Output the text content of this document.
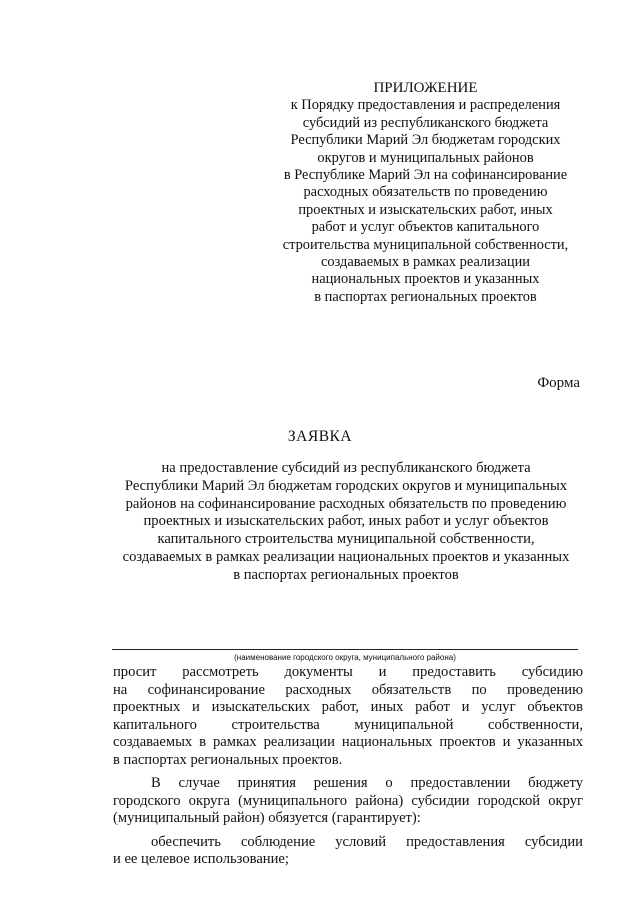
ПРИЛОЖЕНИЕ
к Порядку предоставления и распределения
субсидий из республиканского бюджета
Республики Марий Эл бюджетам городских
округов и муниципальных районов
в Республике Марий Эл на софинансирование
расходных обязательств по проведению
проектных и изыскательских работ, иных
работ и услуг объектов капитального
строительства муниципальной собственности,
создаваемых в рамках реализации
национальных проектов и указанных
в паспортах региональных проектов
Форма
ЗАЯВКА
на предоставление субсидий из республиканского бюджета
Республики Марий Эл бюджетам городских округов и муниципальных
районов на софинансирование расходных обязательств по проведению
проектных и изыскательских работ, иных работ и услуг объектов
капитального строительства муниципальной собственности,
создаваемых в рамках реализации национальных проектов и указанных
в паспортах региональных проектов
(наименование городского округа, муниципального района)
просит рассмотреть документы и предоставить субсидию
на софинансирование расходных обязательств по проведению
проектных и изыскательских работ, иных работ и услуг объектов
капитального строительства муниципальной собственности,
создаваемых в рамках реализации национальных проектов и указанных
в паспортах региональных проектов.
В случае принятия решения о предоставлении бюджету
городского округа (муниципального района) субсидии городской округ
(муниципальный район) обязуется (гарантирует):
обеспечить соблюдение условий предоставления субсидии
и ее целевое использование;
